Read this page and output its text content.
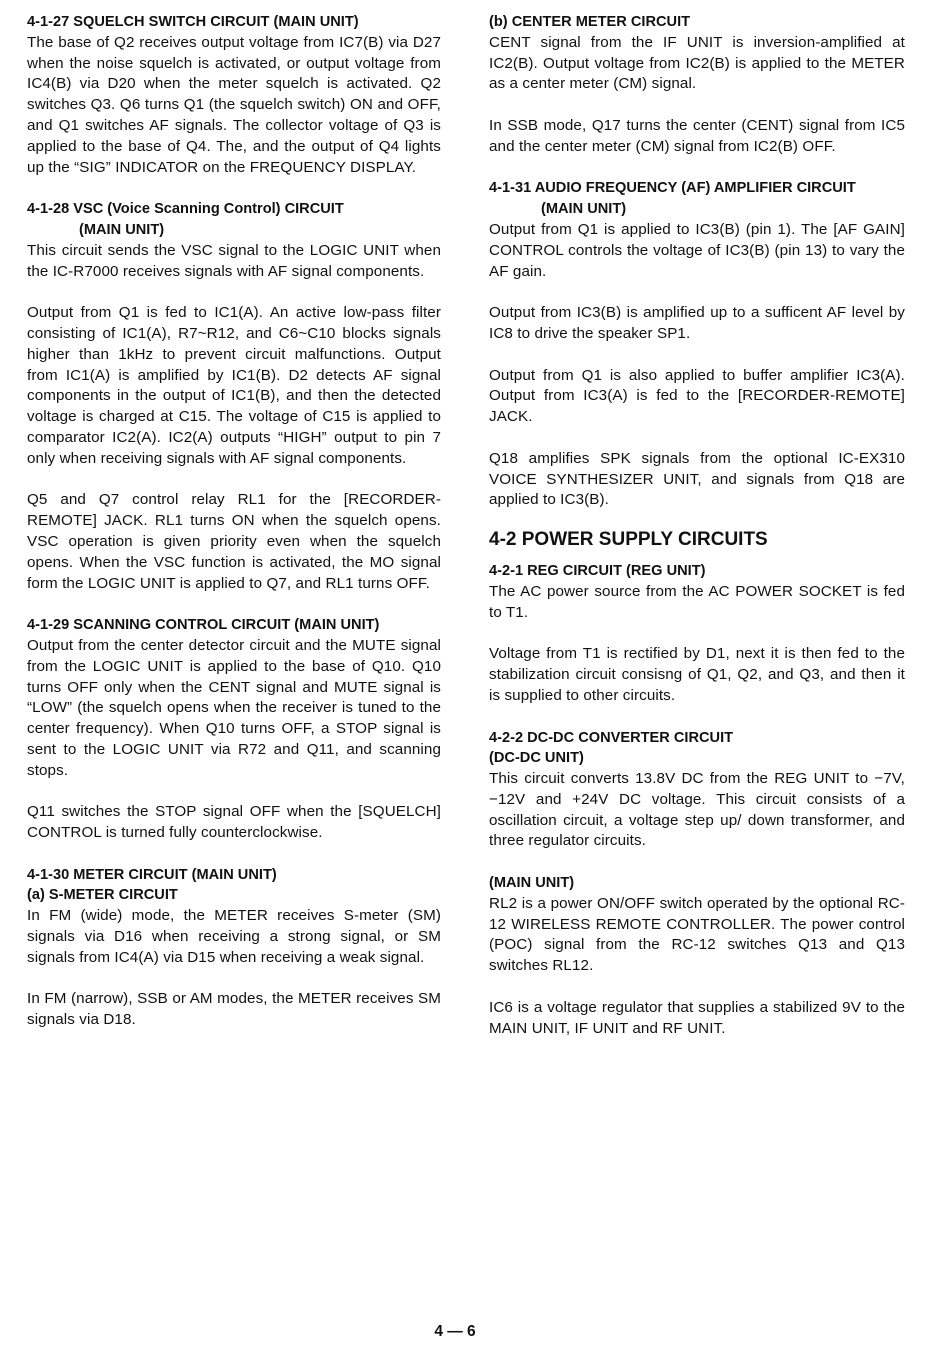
4-1-27 SQUELCH SWITCH CIRCUIT (MAIN UNIT)

The base of Q2 receives output voltage from IC7(B) via D27 when the noise squelch is activated, or output voltage from IC4(B) via D20 when the meter squelch is activated. Q2 switches Q3. Q6 turns Q1 (the squelch switch) ON and OFF, and Q1 switches AF signals. The collector voltage of Q3 is applied to the base of Q4. The, and the output of Q4 lights up the “SIG” INDICATOR on the FREQUENCY DISPLAY.

4-1-28 VSC (Voice Scanning Control) CIRCUIT

(MAIN UNIT)

This circuit sends the VSC signal to the LOGIC UNIT when the IC-R7000 receives signals with AF signal components.

Output from Q1 is fed to IC1(A). An active low-pass filter consisting of IC1(A), R7~R12, and C6~C10 blocks signals higher than 1kHz to prevent circuit malfunctions. Output from IC1(A) is amplified by IC1(B). D2 detects AF signal components in the output of IC1(B), and then the detected voltage is charged at C15. The voltage of C15 is applied to comparator IC2(A). IC2(A) outputs “HIGH” output to pin 7 only when receiving signals with AF signal components.

Q5 and Q7 control relay RL1 for the [RECORDER-REMOTE] JACK. RL1 turns ON when the squelch opens. VSC operation is given priority even when the squelch opens. When the VSC function is activated, the MO signal form the LOGIC UNIT is applied to Q7, and RL1 turns OFF.

4-1-29 SCANNING CONTROL CIRCUIT (MAIN UNIT)

Output from the center detector circuit and the MUTE signal from the LOGIC UNIT is applied to the base of Q10. Q10 turns OFF only when the CENT signal and MUTE signal is “LOW” (the squelch opens when the receiver is tuned to the center frequency). When Q10 turns OFF, a STOP signal is sent to the LOGIC UNIT via R72 and Q11, and scanning stops.

Q11 switches the STOP signal OFF when the [SQUELCH] CONTROL is turned fully counterclockwise.

4-1-30 METER CIRCUIT (MAIN UNIT)

(a) S-METER CIRCUIT

In FM (wide) mode, the METER receives S-meter (SM) signals via D16 when receiving a strong signal, or SM signals from IC4(A) via D15 when receiving a weak signal.

In FM (narrow), SSB or AM modes, the METER receives SM signals via D18.

(b) CENTER METER CIRCUIT

CENT signal from the IF UNIT is inversion-amplified at IC2(B). Output voltage from IC2(B) is applied to the METER as a center meter (CM) signal.

In SSB mode, Q17 turns the center (CENT) signal from IC5 and the center meter (CM) signal from IC2(B) OFF.

4-1-31 AUDIO FREQUENCY (AF) AMPLIFIER CIRCUIT

(MAIN UNIT)

Output from Q1 is applied to IC3(B) (pin 1). The [AF GAIN] CONTROL controls the voltage of IC3(B) (pin 13) to vary the AF gain.

Output from IC3(B) is amplified up to a sufficent AF level by IC8 to drive the speaker SP1.

Output from Q1 is also applied to buffer amplifier IC3(A). Output from IC3(A) is fed to the [RECORDER-REMOTE] JACK.

Q18 amplifies SPK signals from the optional IC-EX310 VOICE SYNTHESIZER UNIT, and signals from Q18 are applied to IC3(B).

4-2 POWER SUPPLY CIRCUITS

4-2-1 REG CIRCUIT (REG UNIT)

The AC power source from the AC POWER SOCKET is fed to T1.

Voltage from T1 is rectified by D1, next it is then fed to the stabilization circuit consisng of Q1, Q2, and Q3, and then it is supplied to other circuits.

4-2-2 DC-DC CONVERTER CIRCUIT

(DC-DC UNIT)

This circuit converts 13.8V DC from the REG UNIT to −7V, −12V and +24V DC voltage. This circuit consists of a oscillation circuit, a voltage step up/ down transformer, and three regulator circuits.

(MAIN UNIT)

RL2 is a power ON/OFF switch operated by the optional RC-12 WIRELESS REMOTE CONTROLLER. The power control (POC) signal from the RC-12 switches Q13 and Q13 switches RL12.

IC6 is a voltage regulator that supplies a stabilized 9V to the MAIN UNIT, IF UNIT and RF UNIT.

4 — 6
